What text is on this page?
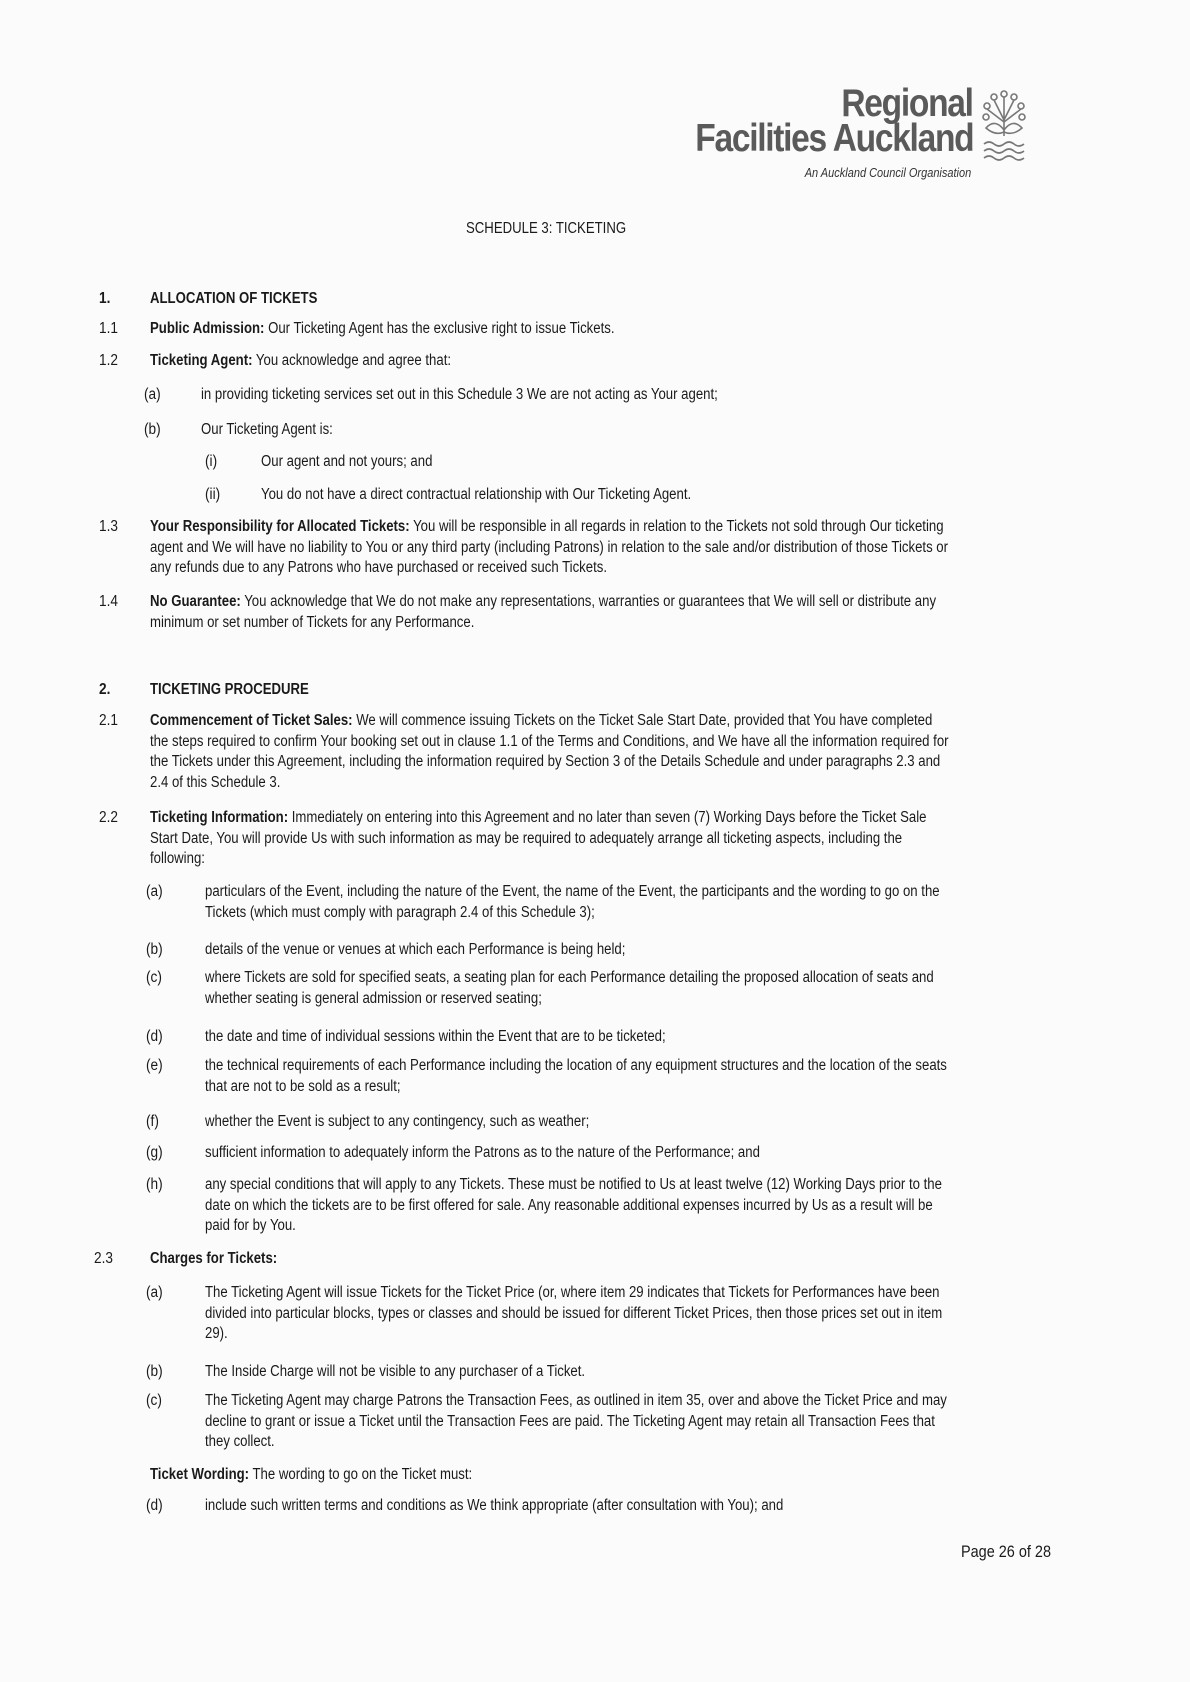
Regional
Facilities Auckland
An Auckland Council Organisation
SCHEDULE 3: TICKETING
1.	ALLOCATION OF TICKETS
1.1 Public Admission: Our Ticketing Agent has the exclusive right to issue Tickets.
1.2 Ticketing Agent: You acknowledge and agree that:
(a)	in providing ticketing services set out in this Schedule 3 We are not acting as Your agent;
(b)	Our Ticketing Agent is:
(i)	Our agent and not yours; and
(ii)	You do not have a direct contractual relationship with Our Ticketing Agent.
1.3 Your Responsibility for Allocated Tickets: You will be responsible in all regards in relation to the Tickets not sold through Our ticketing
agent and We will have no liability to You or any third party (including Patrons) in relation to the sale and/or distribution of those Tickets or
any refunds due to any Patrons who have purchased or received such Tickets.
1.4 No Guarantee: You acknowledge that We do not make any representations, warranties or guarantees that We will sell or distribute any
minimum or set number of Tickets for any Performance.
2.	TICKETING PROCEDURE
2.1 Commencement of Ticket Sales: We will commence issuing Tickets on the Ticket Sale Start Date, provided that You have completed
the steps required to confirm Your booking set out in clause 1.1 of the Terms and Conditions, and We have all the information required for
the Tickets under this Agreement, including the information required by Section 3 of the Details Schedule and under paragraphs 2.3 and
2.4 of this Schedule 3.
2.2 Ticketing Information: Immediately on entering into this Agreement and no later than seven (7) Working Days before the Ticket Sale
Start Date, You will provide Us with such information as may be required to adequately arrange all ticketing aspects, including the
following:
(a)	particulars of the Event, including the nature of the Event, the name of the Event, the participants and the wording to go on the
Tickets (which must comply with paragraph 2.4 of this Schedule 3);
(b)	details of the venue or venues at which each Performance is being held;
(c)	where Tickets are sold for specified seats, a seating plan for each Performance detailing the proposed allocation of seats and
whether seating is general admission or reserved seating;
(d)	the date and time of individual sessions within the Event that are to be ticketed;
(e)	the technical requirements of each Performance including the location of any equipment structures and the location of the seats
that are not to be sold as a result;
(f)	whether the Event is subject to any contingency, such as weather;
(g)	sufficient information to adequately inform the Patrons as to the nature of the Performance; and
(h)	any special conditions that will apply to any Tickets. These must be notified to Us at least twelve (12) Working Days prior to the
date on which the tickets are to be first offered for sale. Any reasonable additional expenses incurred by Us as a result will be
paid for by You.
2.3 Charges for Tickets:
(a)	The Ticketing Agent will issue Tickets for the Ticket Price (or, where item 29 indicates that Tickets for Performances have been
divided into particular blocks, types or classes and should be issued for different Ticket Prices, then those prices set out in item
29).
(b)	The Inside Charge will not be visible to any purchaser of a Ticket.
(c)	The Ticketing Agent may charge Patrons the Transaction Fees, as outlined in item 35, over and above the Ticket Price and may
decline to grant or issue a Ticket until the Transaction Fees are paid. The Ticketing Agent may retain all Transaction Fees that
they collect.
Ticket Wording: The wording to go on the Ticket must:
(d)	include such written terms and conditions as We think appropriate (after consultation with You); and
Page 26 of 28
